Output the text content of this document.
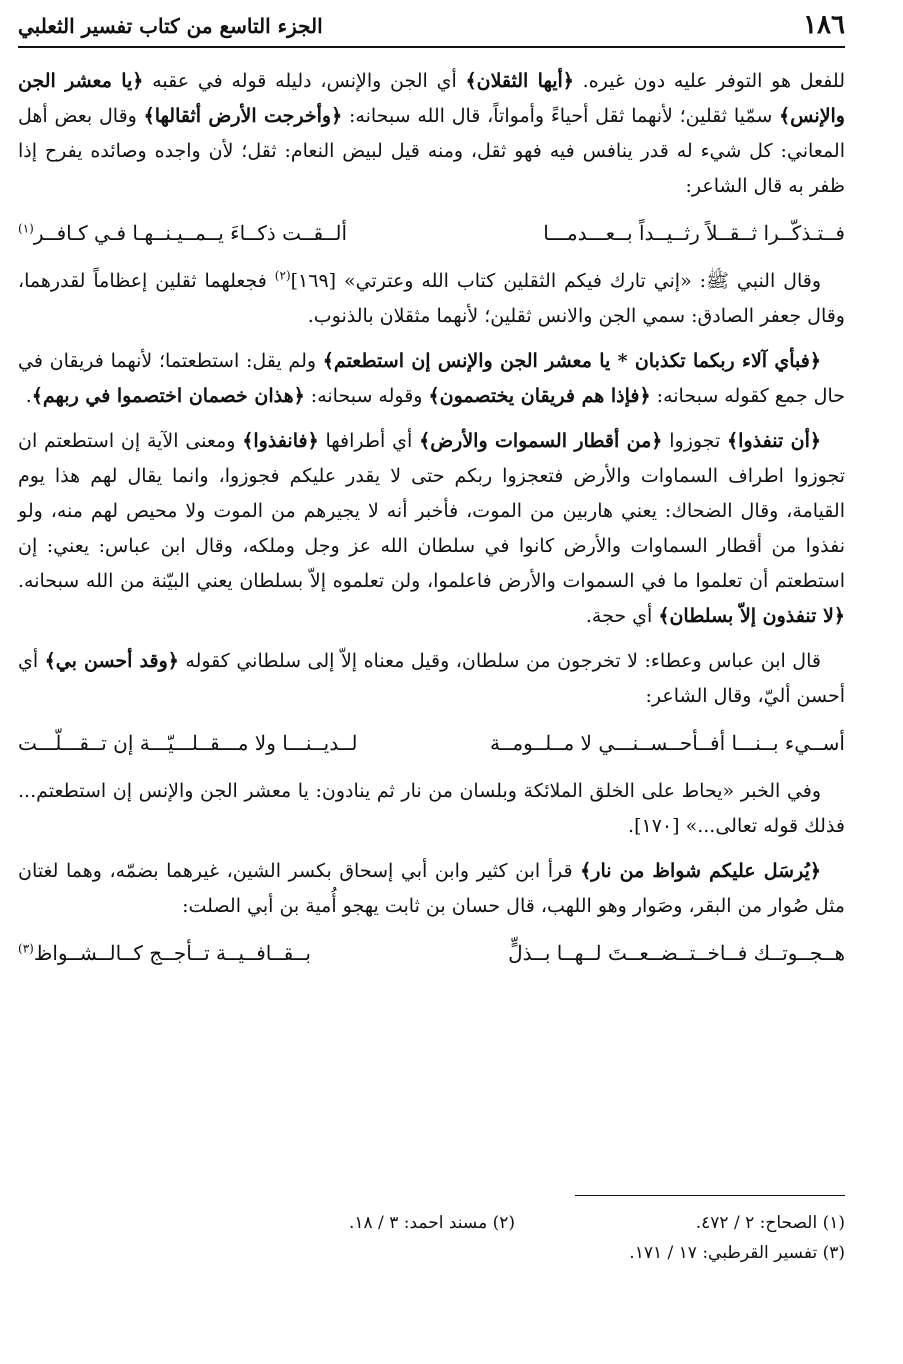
١٨٦
الجزء التاسع من كتاب تفسير الثعلبي

للفعل هو التوفر عليه دون غيره. ﴿أيها الثقلان﴾ أي الجن والإنس، دليله قوله في عقبه ﴿يا معشر الجن والإنس﴾ سمّيا ثقلين؛ لأنهما ثقل أحياءً وأمواتاً، قال الله سبحانه: ﴿وأخرجت الأرض أثقالها﴾ وقال بعض أهل المعاني: كل شيء له قدر ينافس فيه فهو ثقل، ومنه قيل لبيض النعام: ثقل؛ لأن واجده وصائده يفرح إذا ظفر به قال الشاعر:

فــتـذكّــرا ثــقــلاً رثــيــداً بــعـــدمـــا
ألــقــت ذكــاءَ يــمــيـنــهـا فـي كـافــر$^{(١)}$

وقال النبي ﷺ: «إني تارك فيكم الثقلين كتاب الله وعترتي» [١٦٩]$^{(٢)}$ فجعلهما ثقلين إعظاماً لقدرهما، وقال جعفر الصادق: سمي الجن والانس ثقلين؛ لأنهما مثقلان بالذنوب.

﴿فبأي آلاء ربكما تكذبان * يا معشر الجن والإنس إن استطعتم﴾ ولم يقل: استطعتما؛ لأنهما فريقان في حال جمع كقوله سبحانه: ﴿فإذا هم فريقان يختصمون﴾ وقوله سبحانه: ﴿هذان خصمان اختصموا في ربهم﴾.

﴿أن تنفذوا﴾ تجوزوا ﴿من أقطار السموات والأرض﴾ أي أطرافها ﴿فانفذوا﴾ ومعنى الآية إن استطعتم ان تجوزوا اطراف السماوات والأرض فتعجزوا ربكم حتى لا يقدر عليكم فجوزوا، وانما يقال لهم هذا يوم القيامة، وقال الضحاك: يعني هاربين من الموت، فأخبر أنه لا يجيرهم من الموت ولا محيص لهم منه، ولو نفذوا من أقطار السماوات والأرض كانوا في سلطان الله عز وجل وملكه، وقال ابن عباس: يعني: إن استطعتم أن تعلموا ما في السموات والأرض فاعلموا، ولن تعلموه إلاّ بسلطان يعني البيّنة من الله سبحانه. ﴿لا تنفذون إلاّ بسلطان﴾ أي حجة.

قال ابن عباس وعطاء: لا تخرجون من سلطان، وقيل معناه إلاّ إلى سلطاني كقوله ﴿وقد أحسن بي﴾ أي أحسن أليّ، وقال الشاعر:

أســيء بــنـــا أفــأحــســنـــي لا مــلــومــة
لــديــنـــا ولا مـــقــلـــيّـــة إن تــقـــلّـــت

وفي الخبر «يحاط على الخلق الملائكة وبلسان من نار ثم ينادون: يا معشر الجن والإنس إن استطعتم... فذلك قوله تعالى...» [١٧٠].

﴿يُرسَل عليكم شواظ من نار﴾ قرأ ابن كثير وابن أبي إسحاق بكسر الشين، غيرهما بضمّه، وهما لغتان مثل صُوار من البقر، وصَوار وهو اللهب، قال حسان بن ثابت يهجو أُمية بن أبي الصلت:

هــجــوتــك فــاخــتــضــعــتَ لــهــا بــذلٍّ
بــقــافــيــة تــأجــج كــالــشــواظ$^{(٣)}$
(١) الصحاح: ٢ / ٤٧٢.
(٢) مسند احمد: ٣ / ١٨.
(٣) تفسير القرطبي: ١٧ / ١٧١.
